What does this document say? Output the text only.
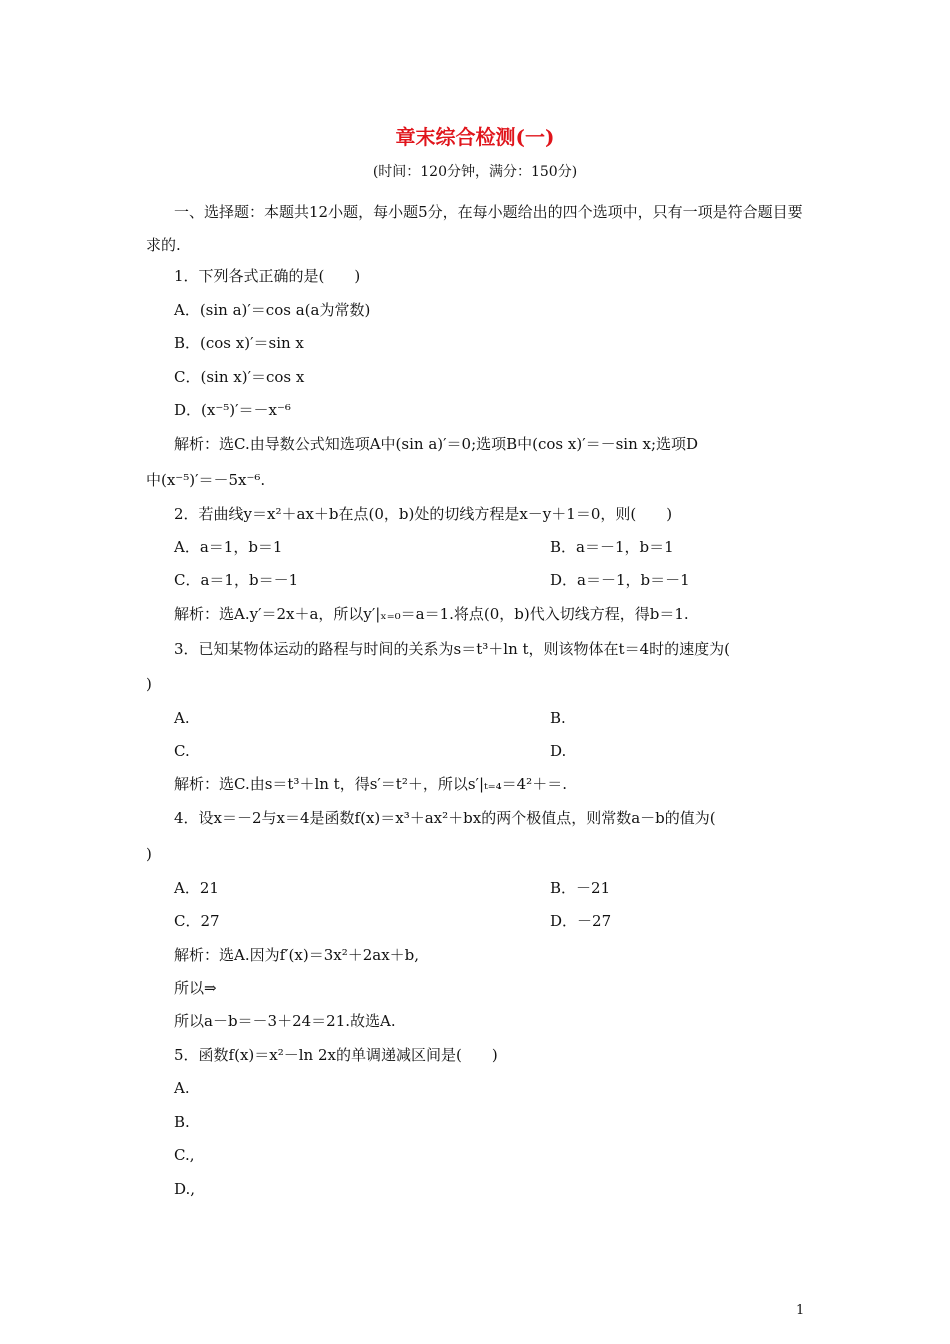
章末综合检测(一)
(时间：120分钟，满分：150分)
一、选择题：本题共12小题，每小题5分，在每小题给出的四个选项中，只有一项是符合题目要求的.
1．下列各式正确的是(　　)
A．(sin a)′＝cos a(a为常数)
B．(cos x)′＝sin x
C．(sin x)′＝cos x
D．(x⁻⁵)′＝－x⁻⁶
解析：选C.由导数公式知选项A中(sin a)′＝0;选项B中(cos x)′＝－sin x;选项D
中(x⁻⁵)′＝－5x⁻⁶.
2．若曲线y＝x²＋ax＋b在点(0，b)处的切线方程是x－y＋1＝0，则(　　)
A．a＝1，b＝1	B．a＝－1，b＝1
C．a＝1，b＝－1	D．a＝－1，b＝－1
解析：选A.y′＝2x＋a，所以y′|ₓ₌₀＝a＝1.将点(0，b)代入切线方程，得b＝1.
3．已知某物体运动的路程与时间的关系为s＝t³＋ln t，则该物体在t＝4时的速度为(
)
A.	B.
C.	D.
解析：选C.由s＝t³＋ln t，得s′＝t²＋，所以s′|ₜ₌₄＝4²＋＝.
4．设x＝－2与x＝4是函数f(x)＝x³＋ax²＋bx的两个极值点，则常数a－b的值为(
)
A．21	B．－21
C．27	D．－27
解析：选A.因为f′(x)＝3x²＋2ax＋b,
所以⇒
所以a－b＝－3＋24＝21.故选A.
5．函数f(x)＝x²－ln 2x的单调递减区间是(　　)
A.
B.
C.,
D.,
1
